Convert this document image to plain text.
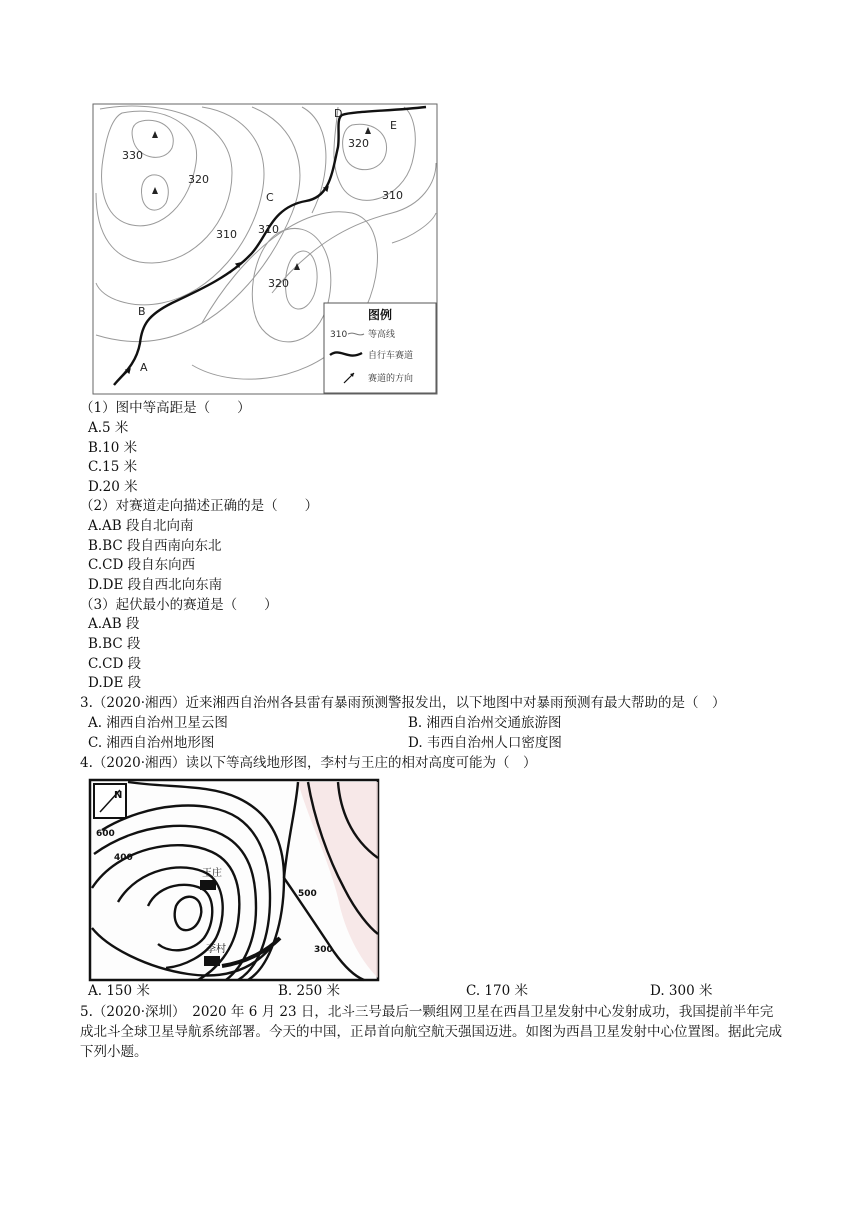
330
320
320
310 310
320
310
A
B
C
D
E
图例
310 等高线
自行车赛道
赛道的方向
（1）图中等高距是（　　）
A.5 米
B.10 米
C.15 米
D.20 米
（2）对赛道走向描述正确的是（　　）
A.AB 段自北向南
B.BC 段自西南向东北
C.CD 段自东向西
D.DE 段自西北向东南
（3）起伏最小的赛道是（　　）
A.AB 段
B.BC 段
C.CD 段
D.DE 段
3.（2020·湘西）近来湘西自治州各县雷有暴雨预测警报发出，以下地图中对暴雨预测有最大帮助的是（　）
A. 湘西自治州卫星云图	B. 湘西自治州交通旅游图
C. 湘西自治州地形图	D. 韦西自治州人口密度图
4.（2020·湘西）读以下等高线地形图，李村与王庄的相对高度可能为（　）
N
600
500
400
300
王庄
李村
A. 150 米	B. 250 米	C. 170 米	D. 300 米
5.（2020·深圳）　2020 年 6 月 23 日，北斗三号最后一颗组网卫星在西昌卫星发射中心发射成功，我国提前半年完成北斗全球卫星导航系统部署。今天的中国，正昂首向航空航天强国迈进。如图为西昌卫星发射中心位置图。据此完成下列小题。
